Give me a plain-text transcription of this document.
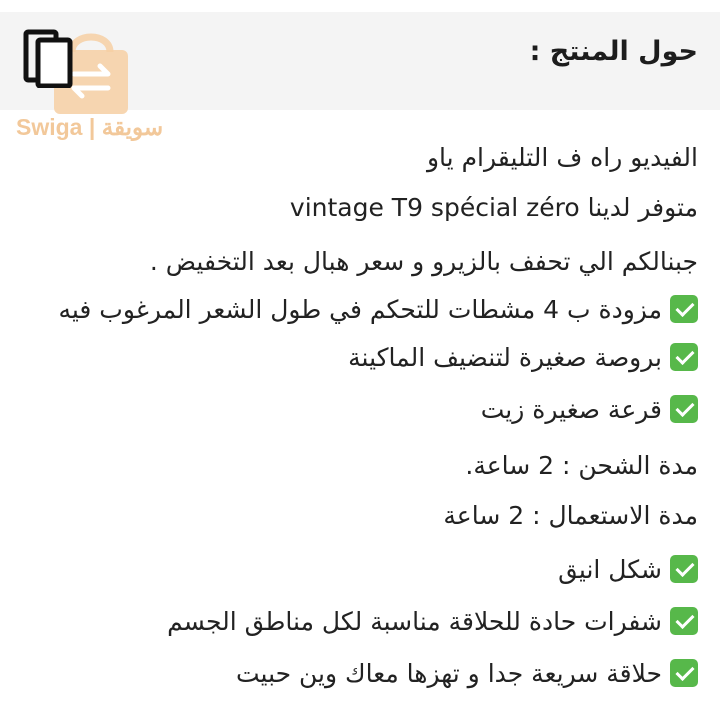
حول المنتج :
Swiga | سويقة
الفيديو راه ف التليقرام ياو
متوفر لدينا vintage T9 spécial zéro
جبنالكم الي تحفف بالزيرو و سعر هبال بعد التخفيض .
مزودة ب 4 مشطات للتحكم في طول الشعر المرغوب فيه
بروصة صغيرة لتنضيف الماكينة
قرعة صغيرة زيت
مدة الشحن : 2 ساعة.
مدة الاستعمال : 2 ساعة
شكل انيق
شفرات حادة للحلاقة مناسبة لكل مناطق الجسم
حلاقة سريعة جدا و تهزها معاك وين حبيت
